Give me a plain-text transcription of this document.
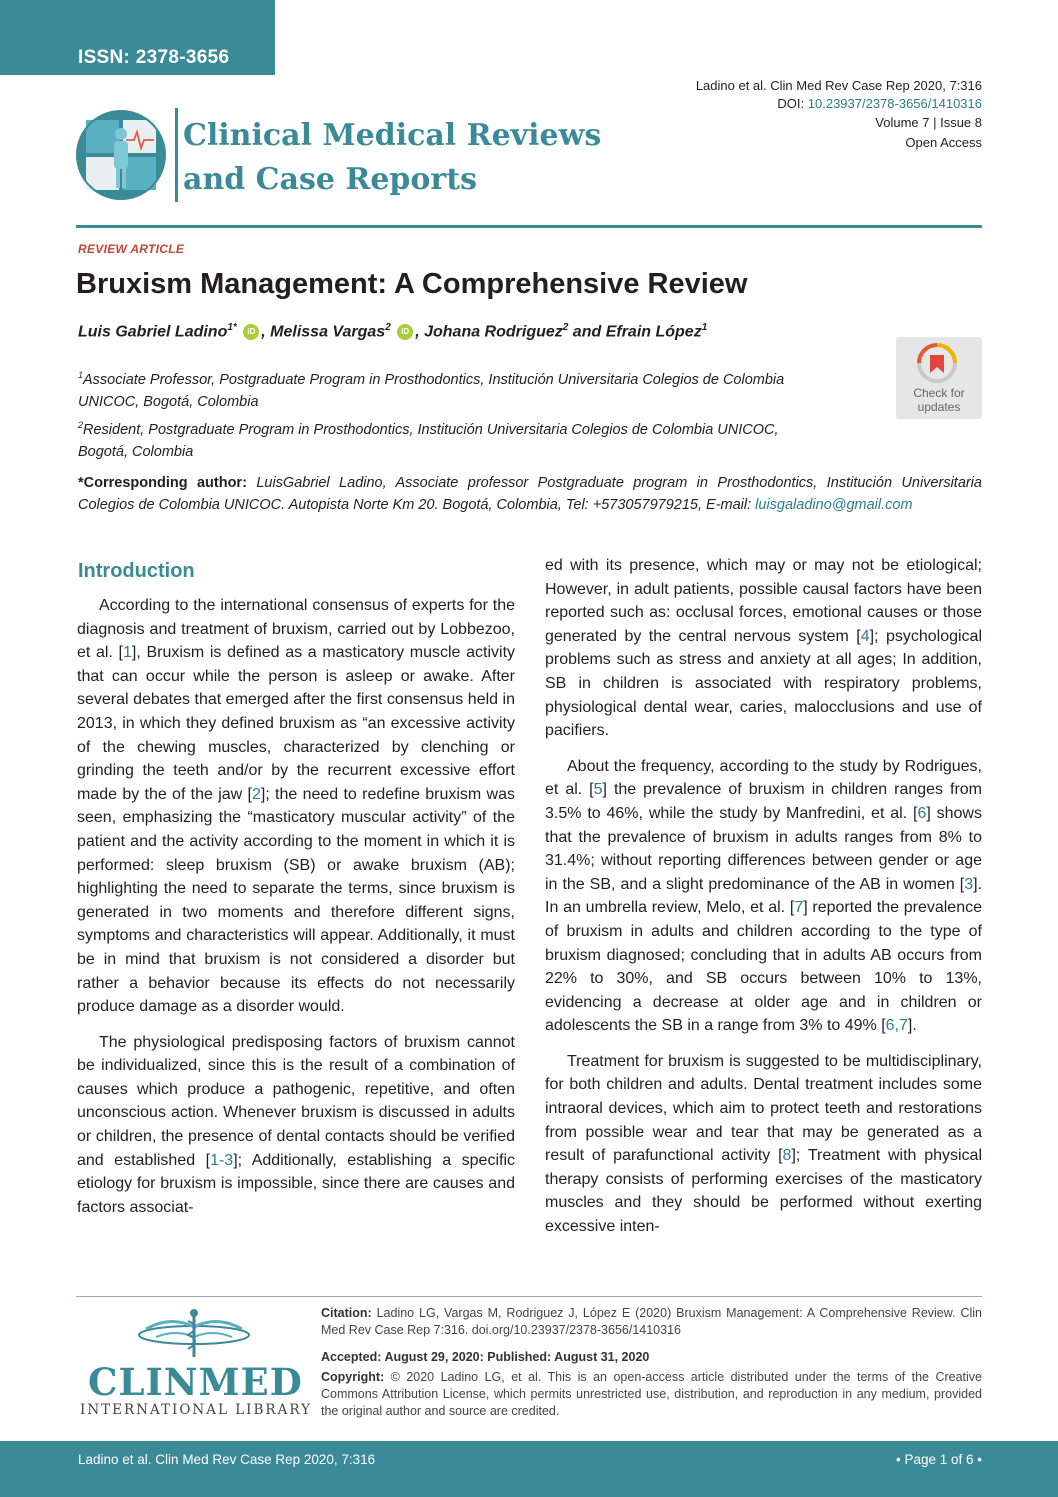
ISSN: 2378-3656
Ladino et al. Clin Med Rev Case Rep 2020, 7:316
DOI: 10.23937/2378-3656/1410316
Volume 7 | Issue 8
Open Access
Clinical Medical Reviews
and Case Reports
REVIEW ARTICLE
Bruxism Management: A Comprehensive Review
Luis Gabriel Ladino$^{1*}$ iD , Melissa Vargas$^2$ iD , Johana Rodriguez$^2$ and Efrain López$^1$
$^1$Associate Professor, Postgraduate Program in Prosthodontics, Institución Universitaria Colegios de Colombia UNICOC, Bogotá, Colombia
$^2$Resident, Postgraduate Program in Prosthodontics, Institución Universitaria Colegios de Colombia UNICOC, Bogotá, Colombia
Check for
updates
*Corresponding author: LuisGabriel Ladino, Associate professor Postgraduate program in Prosthodontics, Institución Universitaria Colegios de Colombia UNICOC. Autopista Norte Km 20. Bogotá, Colombia, Tel: +573057979215, E-mail: luisgaladino@gmail.com
Introduction

According to the international consensus of experts for the diagnosis and treatment of bruxism, carried out by Lobbezoo, et al. [1], Bruxism is defined as a masticatory muscle activity that can occur while the person is asleep or awake. After several debates that emerged after the first consensus held in 2013, in which they defined bruxism as “an excessive activity of the chewing muscles, characterized by clenching or grinding the teeth and/or by the recurrent excessive effort made by the of the jaw [2]; the need to redefine bruxism was seen, emphasizing the “masticatory muscular activity” of the patient and the activity according to the moment in which it is performed: sleep bruxism (SB) or awake bruxism (AB); highlighting the need to separate the terms, since bruxism is generated in two moments and therefore different signs, symptoms and characteristics will appear. Additionally, it must be in mind that bruxism is not considered a disorder but rather a behavior because its effects do not necessarily produce damage as a disorder would.

The physiological predisposing factors of bruxism cannot be individualized, since this is the result of a combination of causes which produce a pathogenic, repetitive, and often unconscious action. Whenever bruxism is discussed in adults or children, the presence of dental contacts should be verified and established [1-3]; Additionally, establishing a specific etiology for bruxism is impossible, since there are causes and factors associat-

ed with its presence, which may or may not be etiological; However, in adult patients, possible causal factors have been reported such as: occlusal forces, emotional causes or those generated by the central nervous system [4]; psychological problems such as stress and anxiety at all ages; In addition, SB in children is associated with respiratory problems, physiological dental wear, caries, malocclusions and use of pacifiers.

About the frequency, according to the study by Rodrigues, et al. [5] the prevalence of bruxism in children ranges from 3.5% to 46%, while the study by Manfredini, et al. [6] shows that the prevalence of bruxism in adults ranges from 8% to 31.4%; without reporting differences between gender or age in the SB, and a slight predominance of the AB in women [3]. In an umbrella review, Melo, et al. [7] reported the prevalence of bruxism in adults and children according to the type of bruxism diagnosed; concluding that in adults AB occurs from 22% to 30%, and SB occurs between 10% to 13%, evidencing a decrease at older age and in children or adolescents the SB in a range from 3% to 49% [6,7].

Treatment for bruxism is suggested to be multidisciplinary, for both children and adults. Dental treatment includes some intraoral devices, which aim to protect teeth and restorations from possible wear and tear that may be generated as a result of parafunctional activity [8]; Treatment with physical therapy consists of performing exercises of the masticatory muscles and they should be performed without exerting excessive inten-

CLINMED
INTERNATIONAL LIBRARY
Citation: Ladino LG, Vargas M, Rodriguez J, López E (2020) Bruxism Management: A Comprehensive Review. Clin Med Rev Case Rep 7:316. doi.org/10.23937/2378-3656/1410316
Accepted: August 29, 2020: Published: August 31, 2020
Copyright: © 2020 Ladino LG, et al. This is an open-access article distributed under the terms of the Creative Commons Attribution License, which permits unrestricted use, distribution, and reproduction in any medium, provided the original author and source are credited.
Ladino et al. Clin Med Rev Case Rep 2020, 7:316	• Page 1 of 6 •
